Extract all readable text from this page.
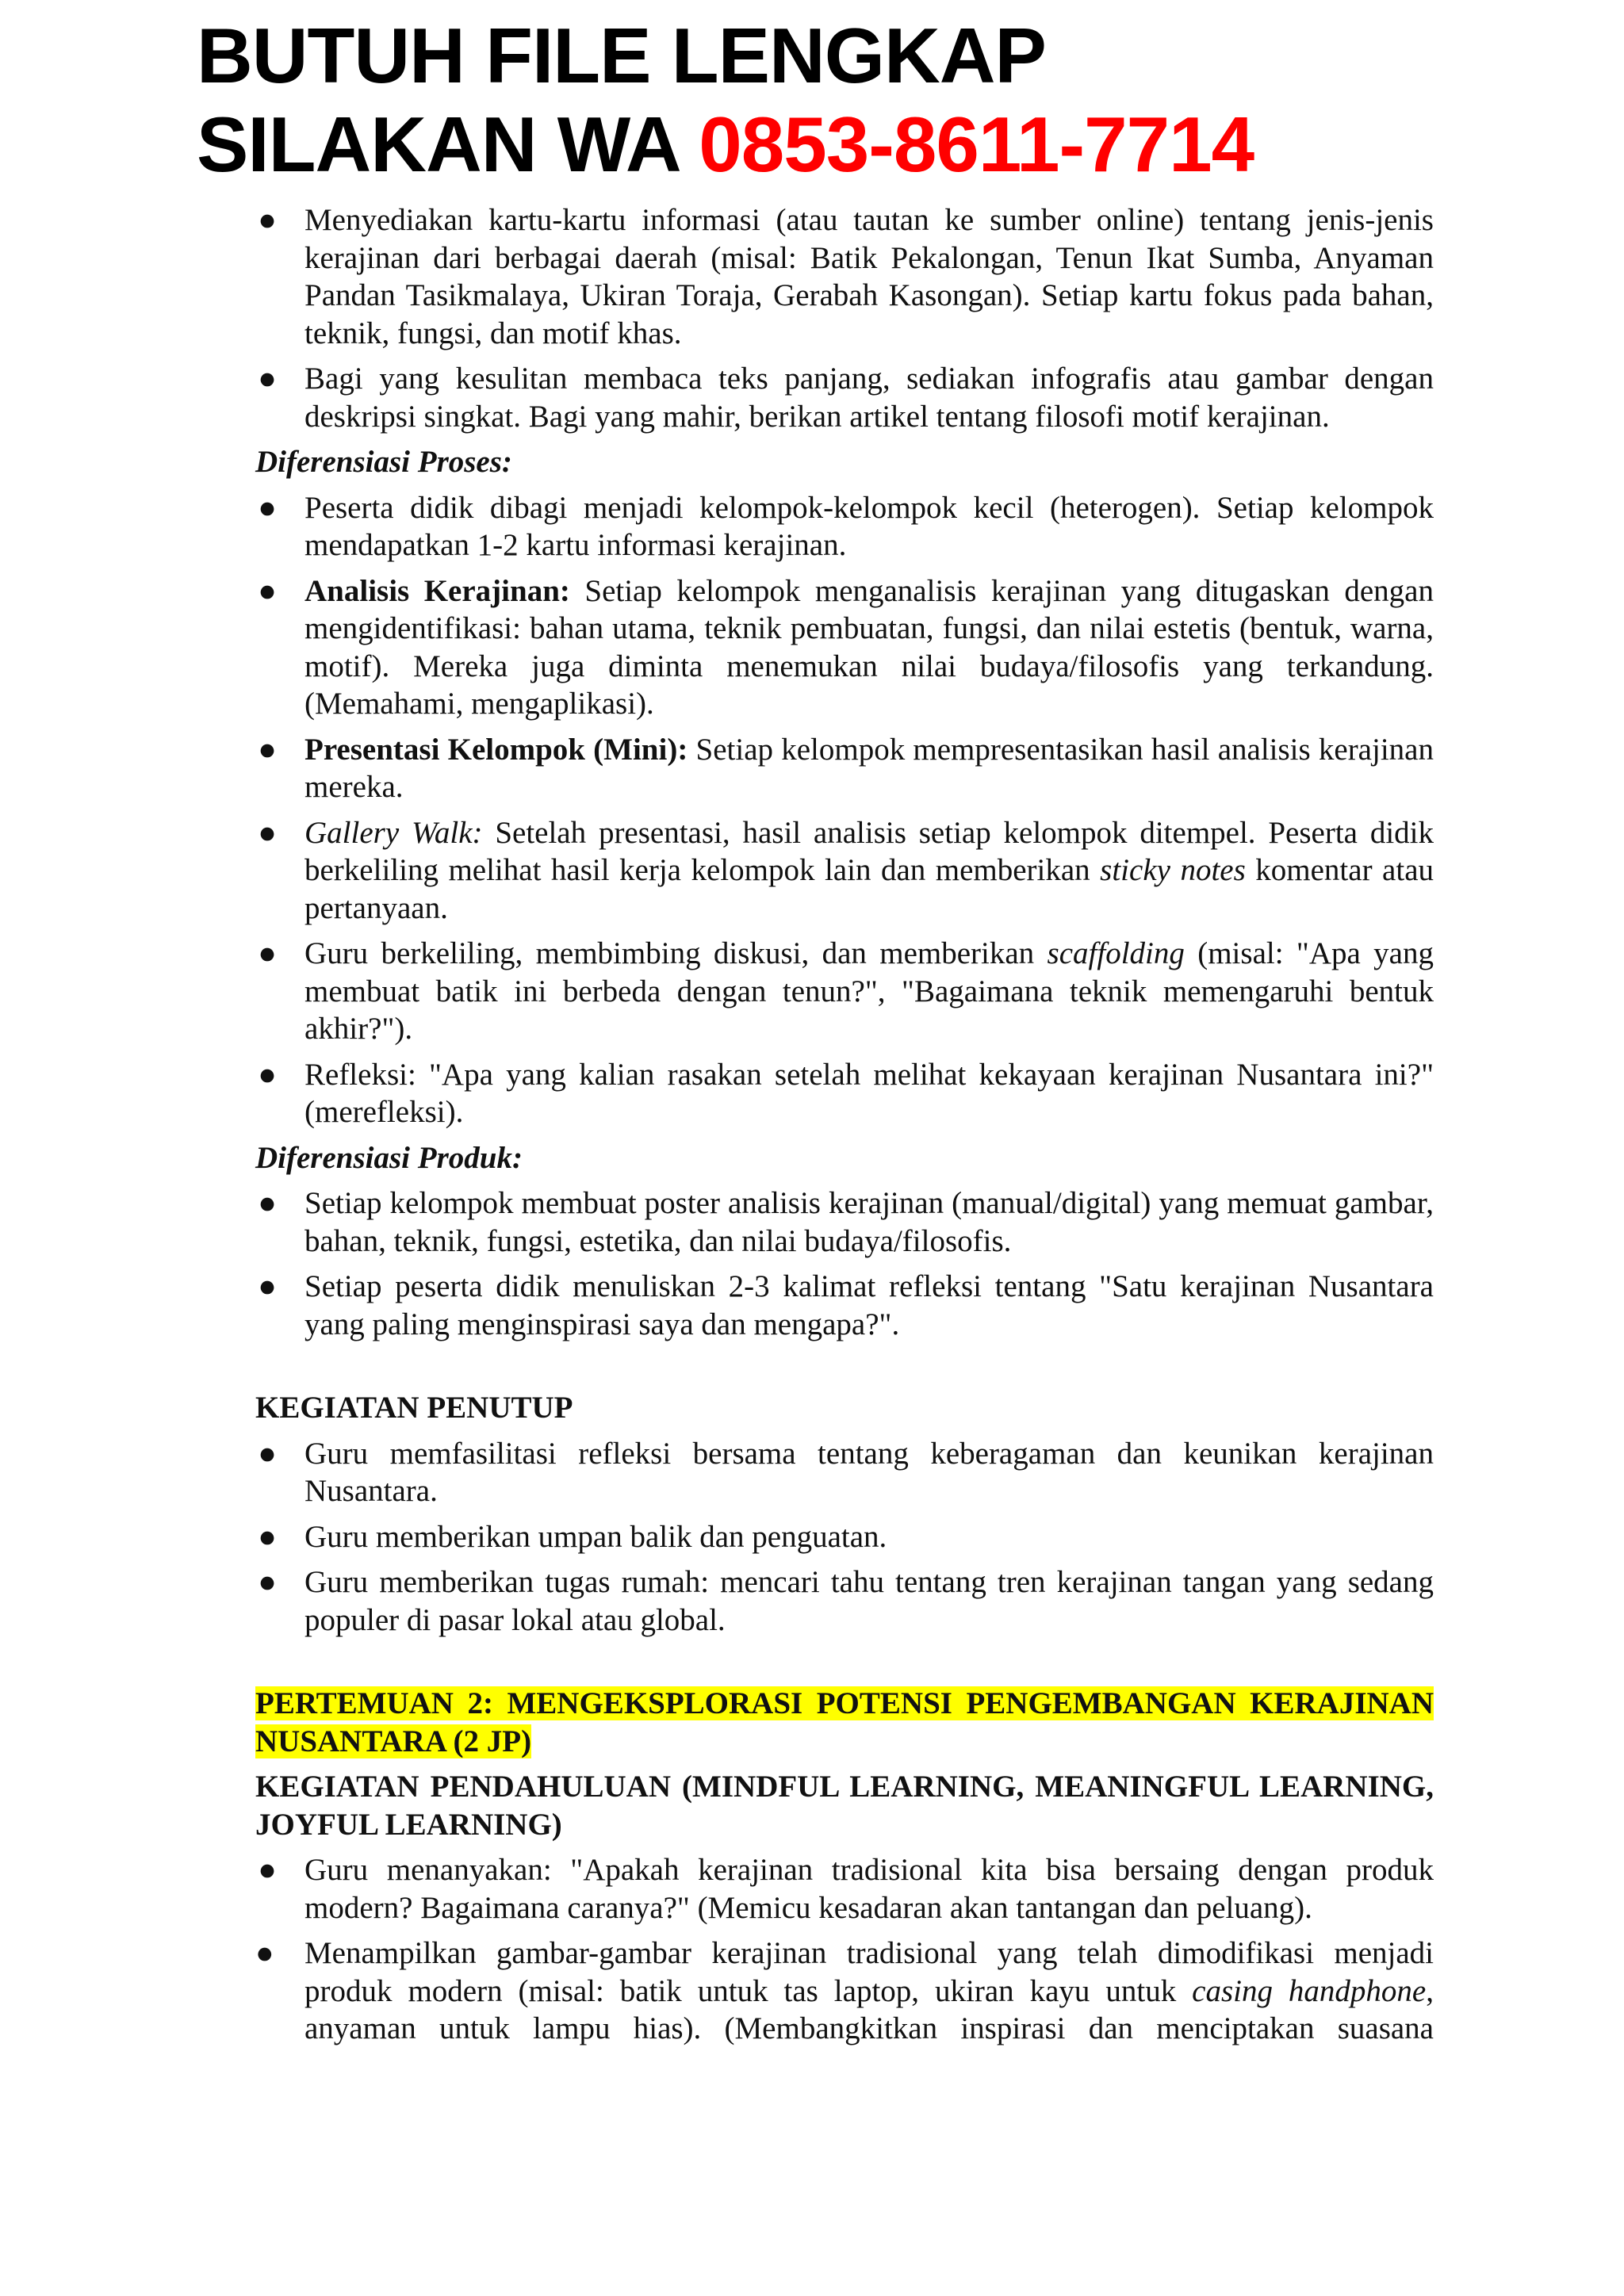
BUTUH FILE LENGKAP
SILAKAN WA 0853-8611-7714
● Menyediakan kartu-kartu informasi (atau tautan ke sumber online) tentang jenis-jenis kerajinan dari berbagai daerah (misal: Batik Pekalongan, Tenun Ikat Sumba, Anyaman Pandan Tasikmalaya, Ukiran Toraja, Gerabah Kasongan). Setiap kartu fokus pada bahan, teknik, fungsi, dan motif khas.
● Bagi yang kesulitan membaca teks panjang, sediakan infografis atau gambar dengan deskripsi singkat. Bagi yang mahir, berikan artikel tentang filosofi motif kerajinan.
Diferensiasi Proses:
● Peserta didik dibagi menjadi kelompok-kelompok kecil (heterogen). Setiap kelompok mendapatkan 1-2 kartu informasi kerajinan.
● Analisis Kerajinan: Setiap kelompok menganalisis kerajinan yang ditugaskan dengan mengidentifikasi: bahan utama, teknik pembuatan, fungsi, dan nilai estetis (bentuk, warna, motif). Mereka juga diminta menemukan nilai budaya/filosofis yang terkandung. (Memahami, mengaplikasi).
● Presentasi Kelompok (Mini): Setiap kelompok mempresentasikan hasil analisis kerajinan mereka.
● Gallery Walk: Setelah presentasi, hasil analisis setiap kelompok ditempel. Peserta didik berkeliling melihat hasil kerja kelompok lain dan memberikan sticky notes komentar atau pertanyaan.
● Guru berkeliling, membimbing diskusi, dan memberikan scaffolding (misal: "Apa yang membuat batik ini berbeda dengan tenun?", "Bagaimana teknik memengaruhi bentuk akhir?").
● Refleksi: "Apa yang kalian rasakan setelah melihat kekayaan kerajinan Nusantara ini?" (merefleksi).
Diferensiasi Produk:
● Setiap kelompok membuat poster analisis kerajinan (manual/digital) yang memuat gambar, bahan, teknik, fungsi, estetika, dan nilai budaya/filosofis.
● Setiap peserta didik menuliskan 2-3 kalimat refleksi tentang "Satu kerajinan Nusantara yang paling menginspirasi saya dan mengapa?".
KEGIATAN PENUTUP
● Guru memfasilitasi refleksi bersama tentang keberagaman dan keunikan kerajinan Nusantara.
● Guru memberikan umpan balik dan penguatan.
● Guru memberikan tugas rumah: mencari tahu tentang tren kerajinan tangan yang sedang populer di pasar lokal atau global.
PERTEMUAN 2: MENGEKSPLORASI POTENSI PENGEMBANGAN KERAJINAN NUSANTARA (2 JP)
KEGIATAN PENDAHULUAN (MINDFUL LEARNING, MEANINGFUL LEARNING, JOYFUL LEARNING)
● Guru menanyakan: "Apakah kerajinan tradisional kita bisa bersaing dengan produk modern? Bagaimana caranya?" (Memicu kesadaran akan tantangan dan peluang).
● Menampilkan gambar-gambar kerajinan tradisional yang telah dimodifikasi menjadi produk modern (misal: batik untuk tas laptop, ukiran kayu untuk casing handphone, anyaman untuk lampu hias). (Membangkitkan inspirasi dan menciptakan suasana
